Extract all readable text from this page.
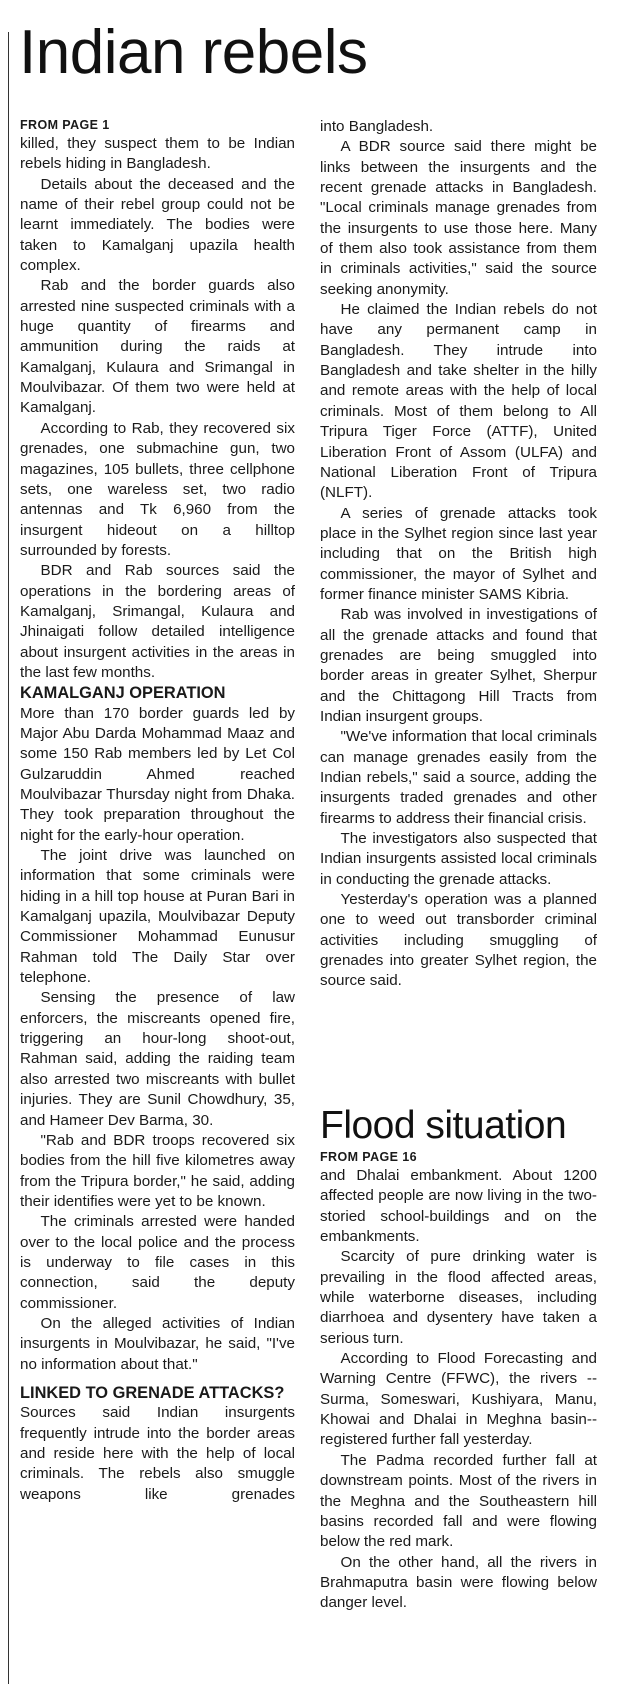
Indian rebels
FROM PAGE 1

killed, they suspect them to be Indian rebels hiding in Bangladesh.

Details about the deceased and the name of their rebel group could not be learnt immediately. The bodies were taken to Kamalganj upazila health complex.

Rab and the border guards also arrested nine suspected criminals with a huge quantity of firearms and ammunition during the raids at Kamalganj, Kulaura and Srimangal in Moulvibazar. Of them two were held at Kamalganj.

According to Rab, they recovered six grenades, one submachine gun, two magazines, 105 bullets, three cellphone sets, one wareless set, two radio antennas and Tk 6,960 from the insurgent hideout on a hilltop surrounded by forests.

BDR and Rab sources said the operations in the bordering areas of Kamalganj, Srimangal, Kulaura and Jhinaigati follow detailed intelligence about insurgent activities in the areas in the last few months.

KAMALGANJ OPERATION

More than 170 border guards led by Major Abu Darda Mohammad Maaz and some 150 Rab members led by Let Col Gulzaruddin Ahmed reached Moulvibazar Thursday night from Dhaka. They took preparation throughout the night for the early-hour operation.

The joint drive was launched on information that some criminals were hiding in a hill top house at Puran Bari in Kamalganj upazila, Moulvibazar Deputy Commissioner Mohammad Eunusur Rahman told The Daily Star over telephone.

Sensing the presence of law enforcers, the miscreants opened fire, triggering an hour-long shoot-out, Rahman said, adding the raiding team also arrested two miscreants with bullet injuries. They are Sunil Chowdhury, 35, and Hameer Dev Barma, 30.

"Rab and BDR troops recovered six bodies from the hill five kilometres away from the Tripura border," he said, adding their identifies were yet to be known.

The criminals arrested were handed over to the local police and the process is underway to file cases in this connection, said the deputy commissioner.

On the alleged activities of Indian insurgents in Moulvibazar, he said, "I've no information about that."

LINKED TO GRENADE ATTACKS?

Sources said Indian insurgents frequently intrude into the border areas and reside here with the help of local criminals. The rebels also smuggle weapons like grenades

into Bangladesh.

A BDR source said there might be links between the insurgents and the recent grenade attacks in Bangladesh. "Local criminals manage grenades from the insurgents to use those here. Many of them also took assistance from them in criminals activities," said the source seeking anonymity.

He claimed the Indian rebels do not have any permanent camp in Bangladesh. They intrude into Bangladesh and take shelter in the hilly and remote areas with the help of local criminals. Most of them belong to All Tripura Tiger Force (ATTF), United Liberation Front of Assom (ULFA) and National Liberation Front of Tripura (NLFT).

A series of grenade attacks took place in the Sylhet region since last year including that on the British high commissioner, the mayor of Sylhet and former finance minister SAMS Kibria.

Rab was involved in investigations of all the grenade attacks and found that grenades are being smuggled into border areas in greater Sylhet, Sherpur and the Chittagong Hill Tracts from Indian insurgent groups.

"We've information that local criminals can manage grenades easily from the Indian rebels," said a source, adding the insurgents traded grenades and other firearms to address their financial crisis.

The investigators also suspected that Indian insurgents assisted local criminals in conducting the grenade attacks.

Yesterday's operation was a planned one to weed out transborder criminal activities including smuggling of grenades into greater Sylhet region, the source said.

Flood situation
FROM PAGE 16

and Dhalai embankment. About 1200 affected people are now living in the two-storied school-buildings and on the embankments.

Scarcity of pure drinking water is prevailing in the flood affected areas, while waterborne diseases, including diarrhoea and dysentery have taken a serious turn.

According to Flood Forecasting and Warning Centre (FFWC), the rivers -- Surma, Someswari, Kushiyara, Manu, Khowai and Dhalai in Meghna basin--registered further fall yesterday.

The Padma recorded further fall at downstream points. Most of the rivers in the Meghna and the Southeastern hill basins recorded fall and were flowing below the red mark.

On the other hand, all the rivers in Brahmaputra basin were flowing below danger level.
